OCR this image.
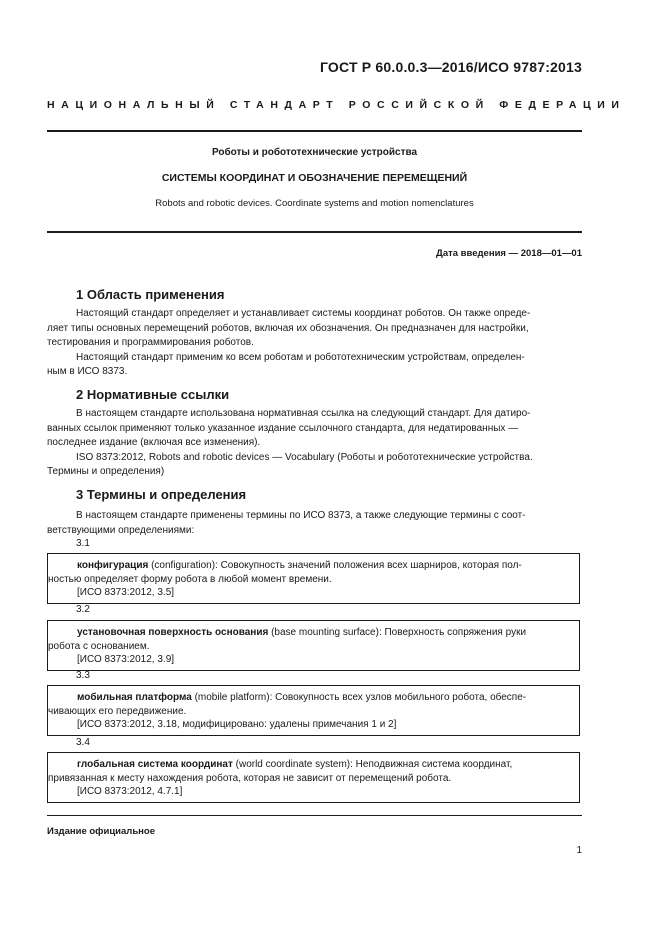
ГОСТ Р 60.0.0.3—2016/ИСО 9787:2013
НАЦИОНАЛЬНЫЙ СТАНДАРТ РОССИЙСКОЙ ФЕДЕРАЦИИ
Роботы и робототехнические устройства
СИСТЕМЫ КООРДИНАТ И ОБОЗНАЧЕНИЕ ПЕРЕМЕЩЕНИЙ
Robots and robotic devices. Coordinate systems and motion nomenclatures
Дата введения — 2018—01—01
1 Область применения
Настоящий стандарт определяет и устанавливает системы координат роботов. Он также опреде-
ляет типы основных перемещений роботов, включая их обозначения. Он предназначен для настройки,
тестирования и программирования роботов.
Настоящий стандарт применим ко всем роботам и робототехническим устройствам, определен-
ным в ИСО 8373.
2 Нормативные ссылки
В настоящем стандарте использована нормативная ссылка на следующий стандарт. Для датиро-
ванных ссылок применяют только указанное издание ссылочного стандарта, для недатированных —
последнее издание (включая все изменения).
ISO 8373:2012, Robots and robotic devices — Vocabulary (Роботы и робототехнические устройства.
Термины и определения)
3 Термины и определения
В настоящем стандарте применены термины по ИСО 8373, а также следующие термины с соот-
ветствующими определениями:
3.1
конфигурация (configuration): Совокупность значений положения всех шарниров, которая пол-
ностью определяет форму робота в любой момент времени.
[ИСО 8373:2012, 3.5]
3.2
установочная поверхность основания (base mounting surface): Поверхность сопряжения руки
робота с основанием.
[ИСО 8373:2012, 3.9]
3.3
мобильная платформа (mobile platform): Совокупность всех узлов мобильного робота, обеспе-
чивающих его передвижение.
[ИСО 8373:2012, 3.18, модифицировано: удалены примечания 1 и 2]
3.4
глобальная система координат (world coordinate system): Неподвижная система координат,
привязанная к месту нахождения робота, которая не зависит от перемещений робота.
[ИСО 8373:2012, 4.7.1]
Издание официальное
1
